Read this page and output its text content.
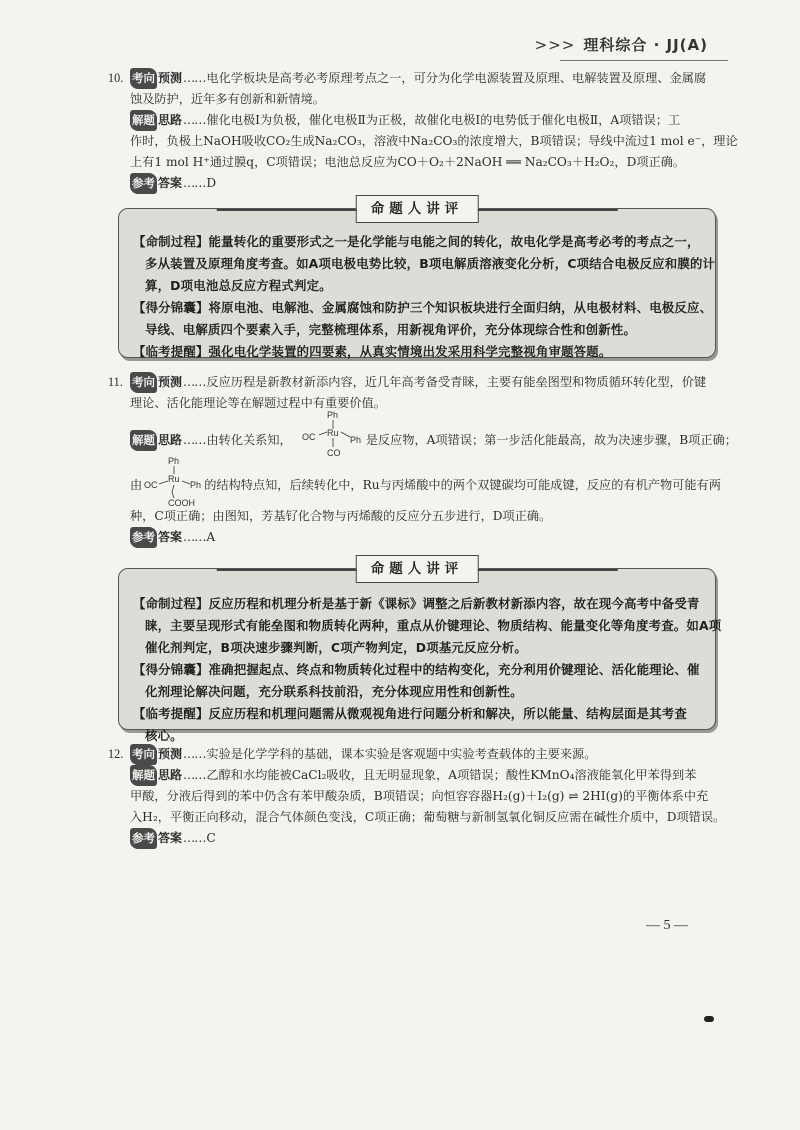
>>> 理科综合 · JJ(A)
10. 考向 预测……电化学板块是高考必考原理考点之一，可分为化学电源装置及原理、电解装置及原理、金属腐
蚀及防护，近年多有创新和新情境。
解题 思路……催化电极Ⅰ为负极，催化电极Ⅱ为正极，故催化电极Ⅰ的电势低于催化电极Ⅱ，A项错误；工
作时，负极上NaOH吸收CO₂生成Na₂CO₃，溶液中Na₂CO₃的浓度增大，B项错误；导线中流过1 mol e⁻，理论
上有1 mol H⁺通过膜q，C项错误；电池总反应为CO＋O₂＋2NaOH ══ Na₂CO₃＋H₂O₂，D项正确。
参考 答案……D
命题人讲评
【命制过程】能量转化的重要形式之一是化学能与电能之间的转化，故电化学是高考必考的考点之一，
多从装置及原理角度考查。如A项电极电势比较，B项电解质溶液变化分析，C项结合电极反应和膜的计
算，D项电池总反应方程式判定。
【得分锦囊】将原电池、电解池、金属腐蚀和防护三个知识板块进行全面归纳，从电极材料、电极反应、
导线、电解质四个要素入手，完整梳理体系，用新视角评价，充分体现综合性和创新性。
【临考提醒】强化电化学装置的四要素，从真实情境出发采用科学完整视角审题答题。
11. 考向 预测……反应历程是新教材新添内容，近几年高考备受青睐，主要有能垒图型和物质循环转化型，价键
理论、活化能理论等在解题过程中有重要价值。
解题 思路……由转化关系知，	是反应物，A项错误；第一步活化能最高，故为决速步骤，B项正确；
由	的结构特点知，后续转化中，Ru与丙烯酸中的两个双键碳均可能成键，反应的有机产物可能有两
种，C项正确；由图知，芳基钌化合物与丙烯酸的反应分五步进行，D项正确。
参考 答案……A
Ph
OC Ru
Ph
CO
Ph
OC
Ru
Ph
COOH
命题人讲评
【命制过程】反应历程和机理分析是基于新《课标》调整之后新教材新添内容，故在现今高考中备受青
睐，主要呈现形式有能垒图和物质转化两种，重点从价键理论、物质结构、能量变化等角度考查。如A项
催化剂判定，B项决速步骤判断，C项产物判定，D项基元反应分析。
【得分锦囊】准确把握起点、终点和物质转化过程中的结构变化，充分利用价键理论、活化能理论、催
化剂理论解决问题，充分联系科技前沿，充分体现应用性和创新性。
【临考提醒】反应历程和机理问题需从微观视角进行问题分析和解决，所以能量、结构层面是其考查
核心。
12. 考向 预测……实验是化学学科的基础，课本实验是客观题中实验考查载体的主要来源。
解题 思路……乙醇和水均能被CaCl₂吸收，且无明显现象，A项错误；酸性KMnO₄溶液能氧化甲苯得到苯
甲酸，分液后得到的苯中仍含有苯甲酸杂质，B项错误；向恒容容器H₂(g)＋I₂(g) ⇌ 2HI(g)的平衡体系中充
入H₂，平衡正向移动，混合气体颜色变浅，C项正确；葡萄糖与新制氢氧化铜反应需在碱性介质中，D项错误。
参考 答案……C
— 5 —
